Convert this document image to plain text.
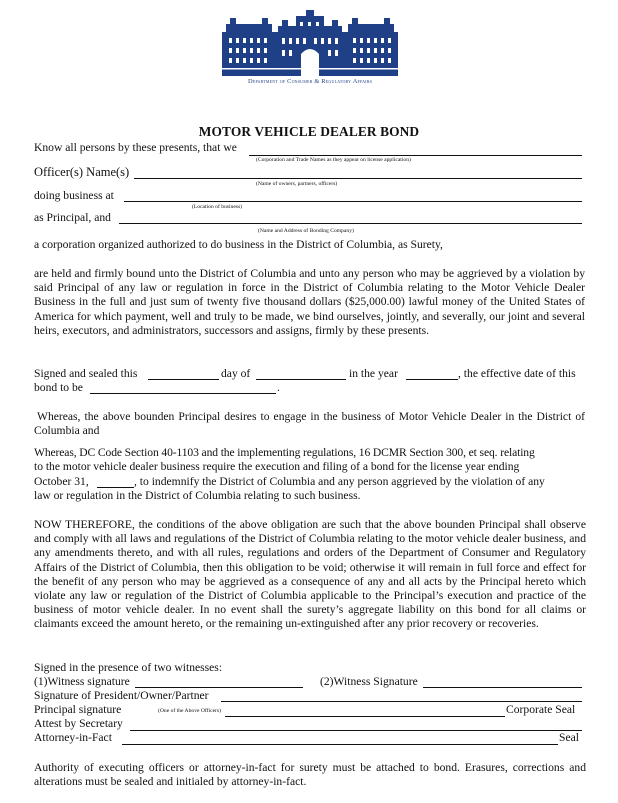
Department of Consumer & Regulatory Affairs
MOTOR VEHICLE DEALER BOND
Know all persons by these presents, that we
(Corporation and Trade Names as they appear on license application)
Officer(s) Name(s)
(Name of owners, partners, officers)
doing business at
(Location of business)
as Principal, and
(Name and Address of Bonding Company)
a corporation organized authorized to do business in the District of Columbia, as Surety,
are held and firmly bound unto the District of Columbia and unto any person who may be aggrieved by a violation by said Principal of any law or regulation in force in the District of Columbia relating to the Motor Vehicle Dealer Business in the full and just sum of twenty five thousand dollars ($25,000.00) lawful money of the United States of America for which payment, well and truly to be made, we bind ourselves, jointly, and severally, our joint and several heirs, executors, and administrators, successors and assigns, firmly by these presents.
Signed and sealed this	day of	in the year	, the effective date of this
bond to be	.
Whereas, the above bounden Principal desires to engage in the business of Motor Vehicle Dealer in the District of Columbia and
Whereas, DC Code Section 40-1103 and the implementing regulations, 16 DCMR Section 300, et seq. relating
to the motor vehicle dealer business require the execution and filing of a bond for the license year ending
October 31,	, to indemnify the District of Columbia and any person aggrieved by the violation of any
law or regulation in the District of Columbia relating to such business.
NOW THEREFORE, the conditions of the above obligation are such that the above bounden Principal shall observe and comply with all laws and regulations of the District of Columbia relating to the motor vehicle dealer business, and any amendments thereto, and with all rules, regulations and orders of the Department of Consumer and Regulatory Affairs of the District of Columbia, then this obligation to be void; otherwise it will remain in full force and effect for the benefit of any person who may be aggrieved as a consequence of any and all acts by the Principal hereto which violate any law or regulation of the District of Columbia applicable to the Principal’s execution and practice of the business of motor vehicle dealer. In no event shall the surety’s aggregate liability on this bond for all claims or claimants exceed the amount hereto, or the remaining un-extinguished after any prior recovery or recoveries.
Signed in the presence of two witnesses:
(1)Witness signature	(2)Witness Signature
Signature of President/Owner/Partner
Principal signature	(One of the Above Officers)	Corporate Seal
Attest by Secretary
Attorney-in-Fact	Seal
Authority of executing officers or attorney-in-fact for surety must be attached to bond. Erasures, corrections and alterations must be sealed and initialed by attorney-in-fact.
